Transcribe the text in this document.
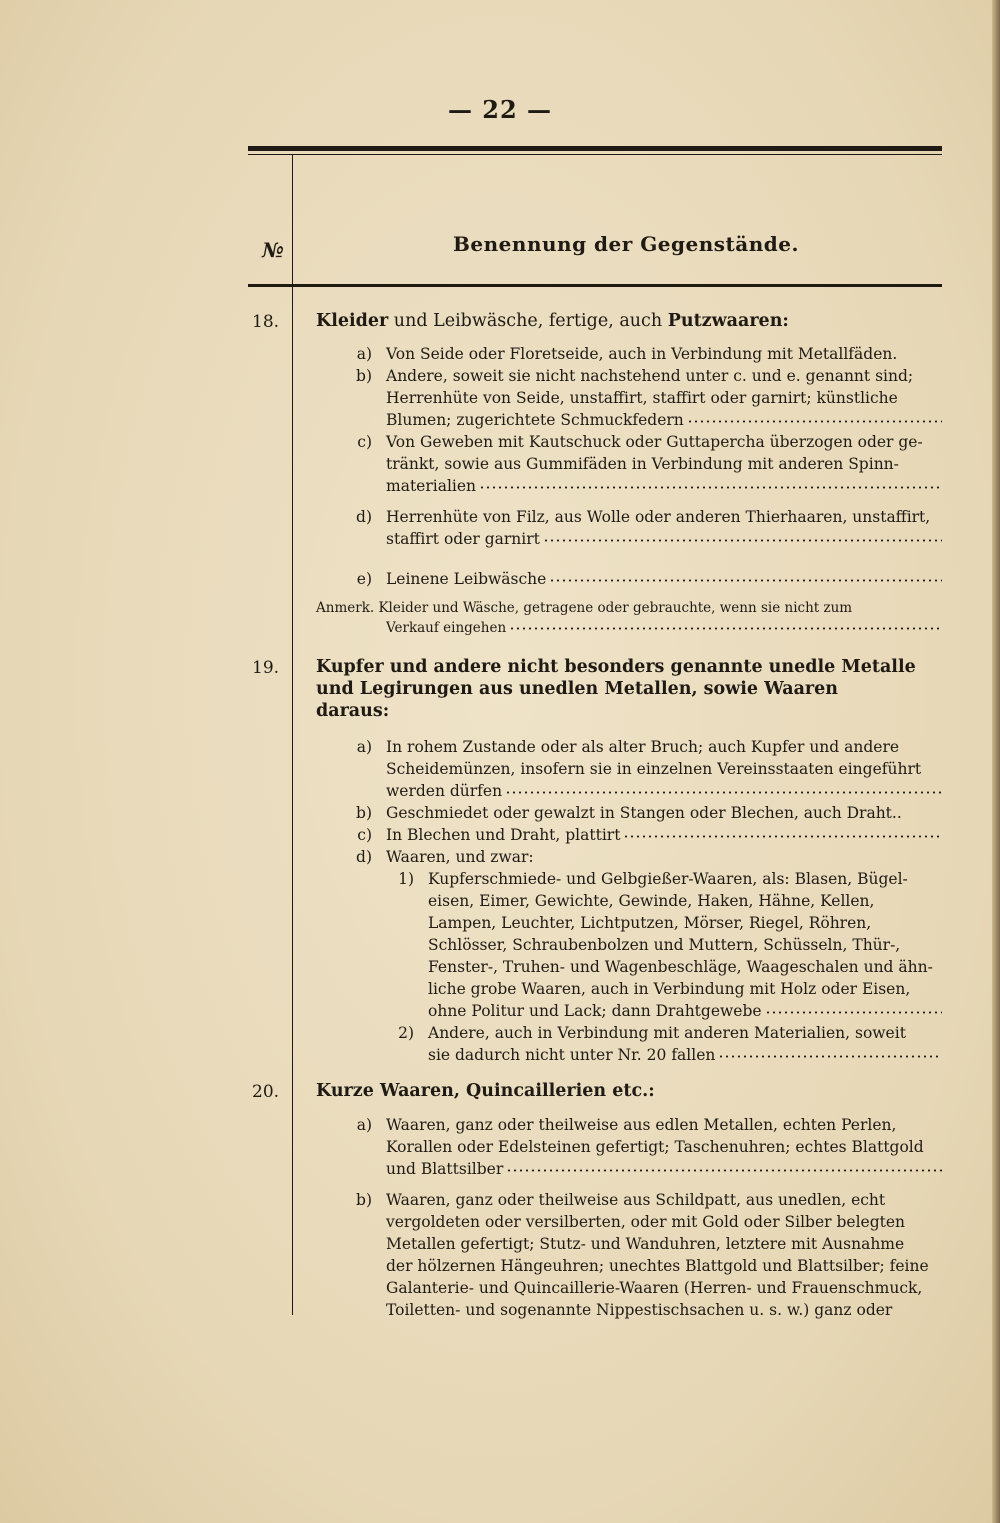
— 22 —
№	Benennung der Gegenstände.
18. Kleider und Leibwäsche, fertige, auch Putzwaaren:
a) Von Seide oder Floretseide, auch in Verbindung mit Metallfäden.
b) Andere, soweit sie nicht nachstehend unter c. und e. genannt sind;
Herrenhüte von Seide, unstaffirt, staffirt oder garnirt; künstliche
Blumen; zugerichtete Schmuckfedern
c) Von Geweben mit Kautschuck oder Guttapercha überzogen oder ge-
tränkt, sowie aus Gummifäden in Verbindung mit anderen Spinn-
materialien
d) Herrenhüte von Filz, aus Wolle oder anderen Thierhaaren, unstaffirt,
staffirt oder garnirt
e) Leinene Leibwäsche
Anmerk. Kleider und Wäsche, getragene oder gebrauchte, wenn sie nicht zum
Verkauf eingehen
19. Kupfer und andere nicht besonders genannte unedle Metalle
und Legirungen aus unedlen Metallen, sowie Waaren
daraus:
a) In rohem Zustande oder als alter Bruch; auch Kupfer und andere
Scheidemünzen, insofern sie in einzelnen Vereinsstaaten eingeführt
werden dürfen
b) Geschmiedet oder gewalzt in Stangen oder Blechen, auch Draht..
c) In Blechen und Draht, plattirt
d) Waaren, und zwar:
1) Kupferschmiede- und Gelbgießer-Waaren, als: Blasen, Bügel-
eisen, Eimer, Gewichte, Gewinde, Haken, Hähne, Kellen,
Lampen, Leuchter, Lichtputzen, Mörser, Riegel, Röhren,
Schlösser, Schraubenbolzen und Muttern, Schüsseln, Thür-,
Fenster-, Truhen- und Wagenbeschläge, Waageschalen und ähn-
liche grobe Waaren, auch in Verbindung mit Holz oder Eisen,
ohne Politur und Lack; dann Drahtgewebe
2) Andere, auch in Verbindung mit anderen Materialien, soweit
sie dadurch nicht unter Nr. 20 fallen
20. Kurze Waaren, Quincaillerien etc.:
a) Waaren, ganz oder theilweise aus edlen Metallen, echten Perlen,
Korallen oder Edelsteinen gefertigt; Taschenuhren; echtes Blattgold
und Blattsilber
b) Waaren, ganz oder theilweise aus Schildpatt, aus unedlen, echt
vergoldeten oder versilberten, oder mit Gold oder Silber belegten
Metallen gefertigt; Stutz- und Wanduhren, letztere mit Ausnahme
der hölzernen Hängeuhren; unechtes Blattgold und Blattsilber; feine
Galanterie- und Quincaillerie-Waaren (Herren- und Frauenschmuck,
Toiletten- und sogenannte Nippestischsachen u. s. w.) ganz oder
